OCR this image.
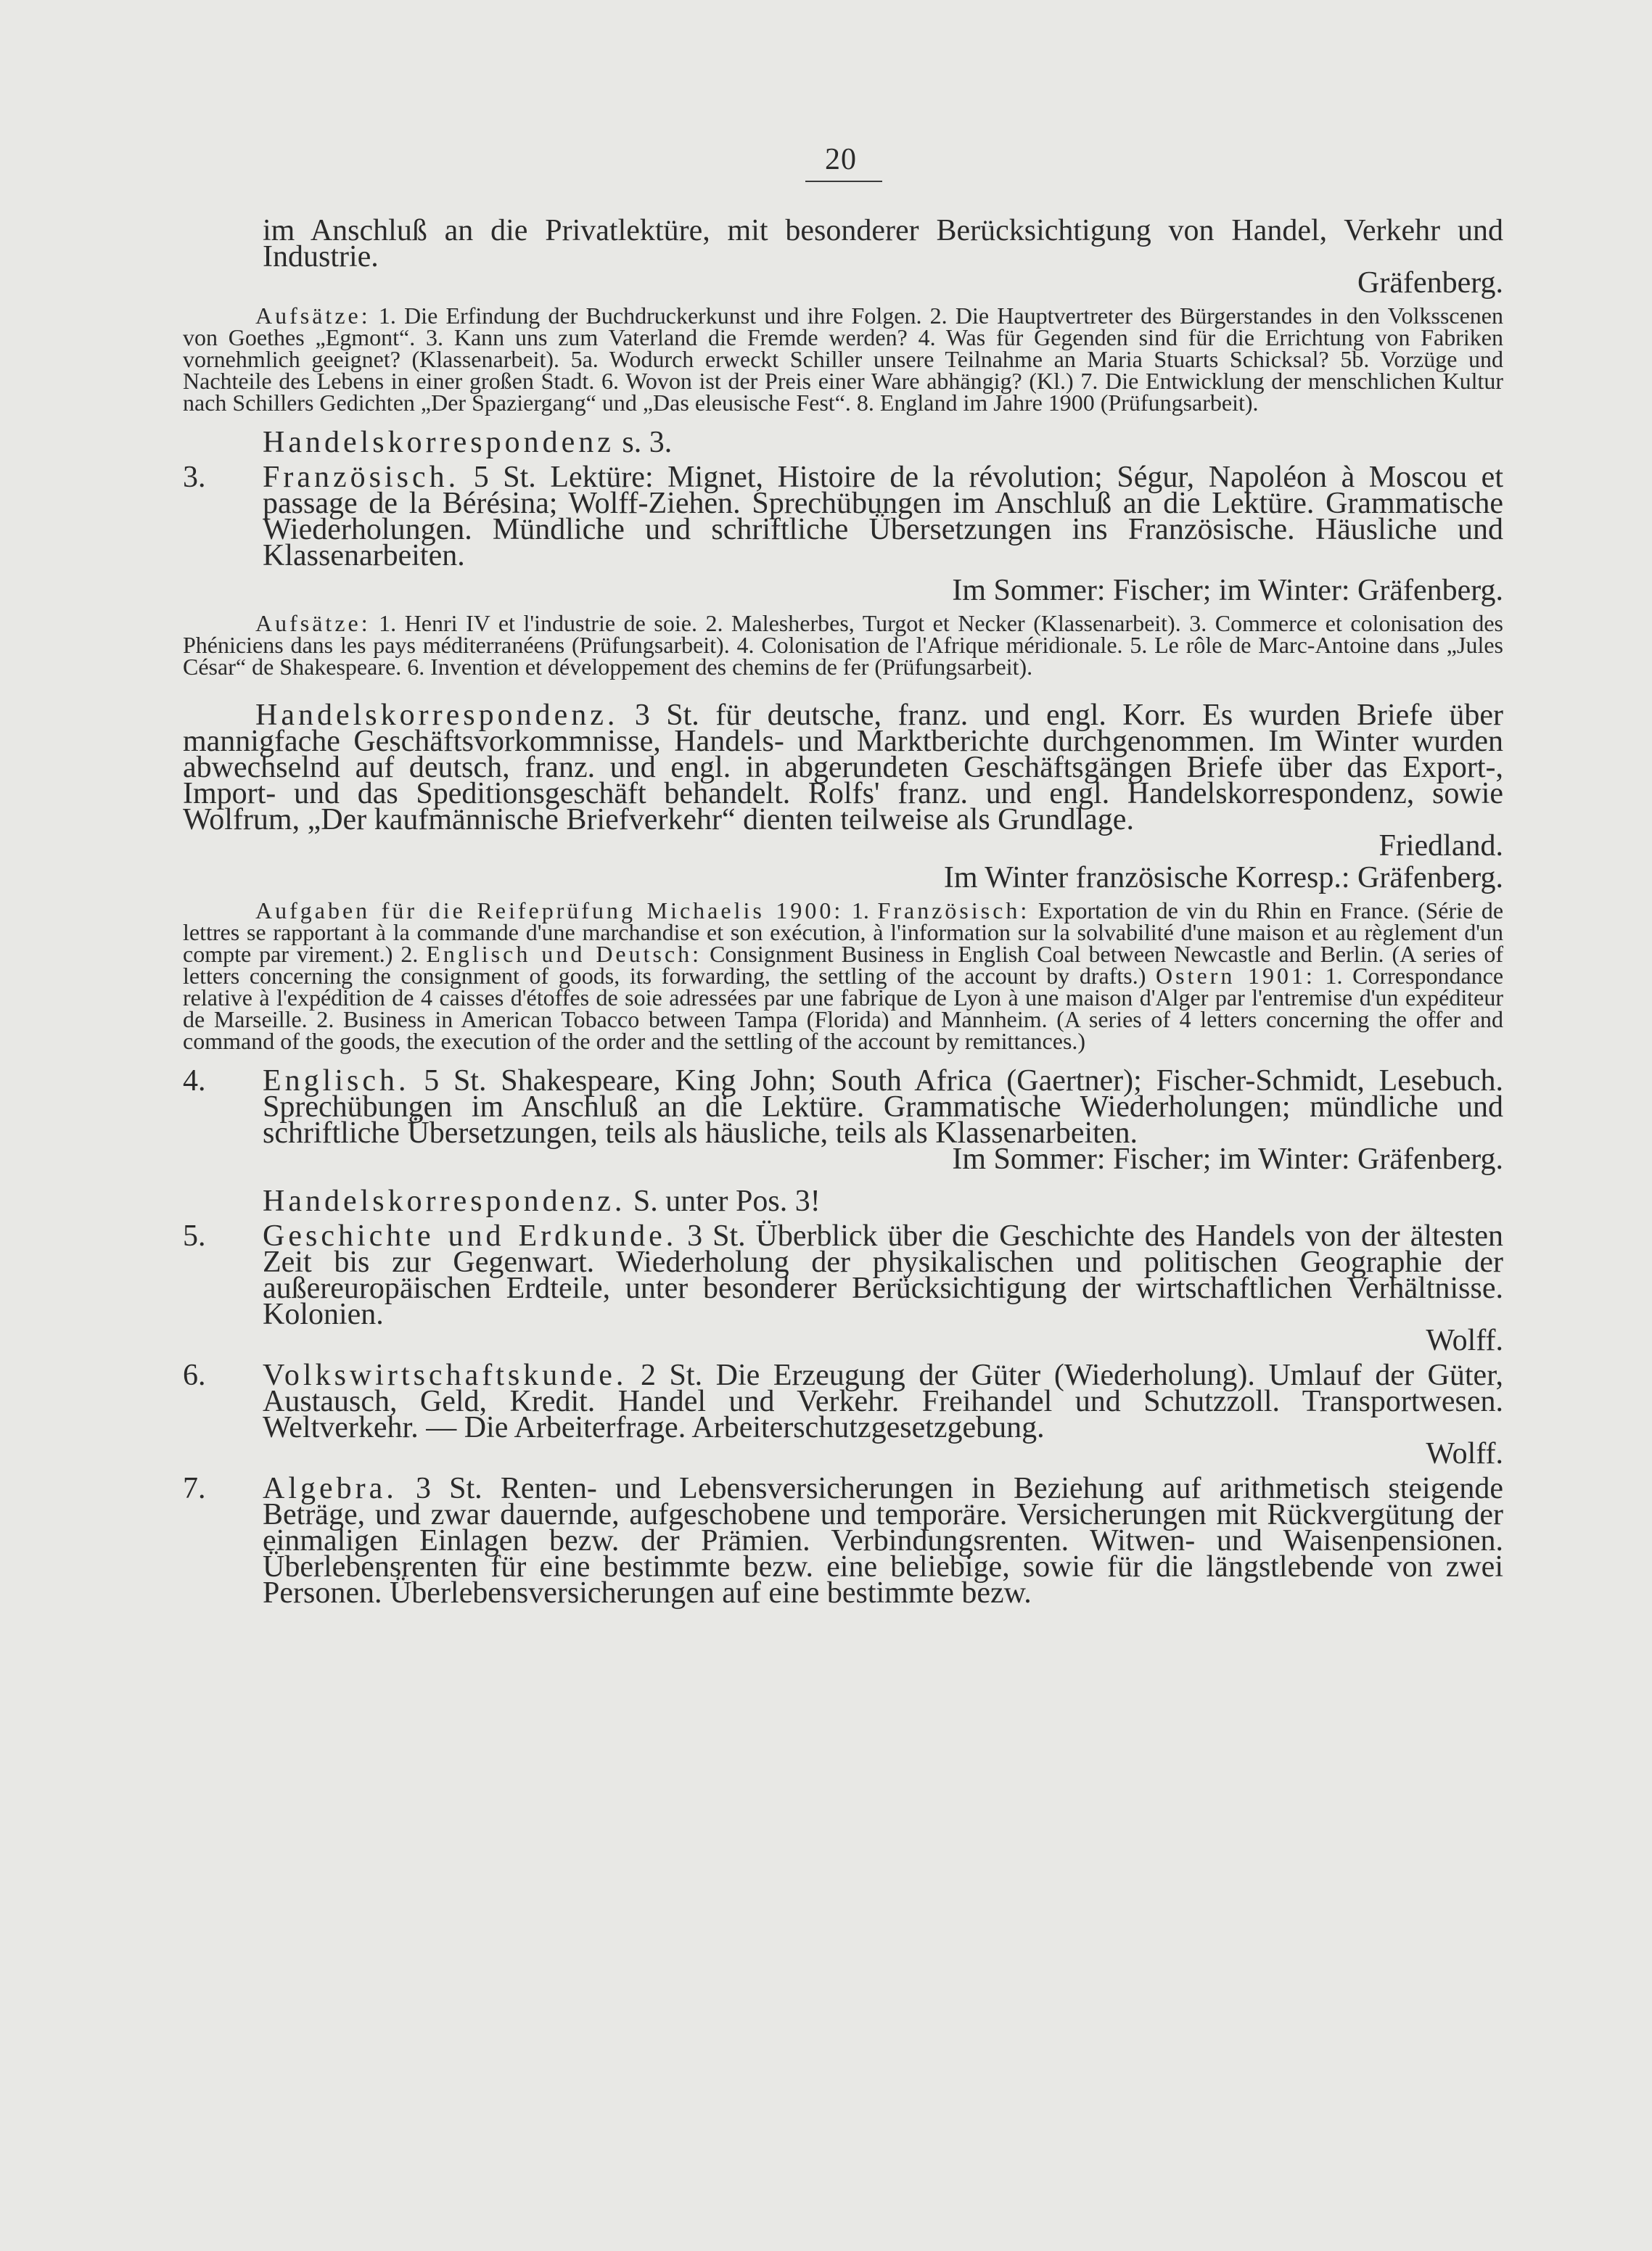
20

im Anschluß an die Privatlektüre, mit besonderer Berücksichtigung von Handel, Verkehr und Industrie.
Gräfenberg.

Aufsätze: 1. Die Erfindung der Buchdruckerkunst und ihre Folgen. 2. Die Hauptvertreter des Bürgerstandes in den Volksscenen von Goethes „Egmont“. 3. Kann uns zum Vaterland die Fremde werden? 4. Was für Gegenden sind für die Errichtung von Fabriken vornehmlich geeignet? (Klassenarbeit). 5a. Wodurch erweckt Schiller unsere Teilnahme an Maria Stuarts Schicksal? 5b. Vorzüge und Nachteile des Lebens in einer großen Stadt. 6. Wovon ist der Preis einer Ware abhängig? (Kl.) 7. Die Entwicklung der menschlichen Kultur nach Schillers Gedichten „Der Spaziergang“ und „Das eleusische Fest“. 8. England im Jahre 1900 (Prüfungsarbeit).

Handelskorrespondenz s. 3.

3. Französisch. 5 St. Lektüre: Mignet, Histoire de la révolution; Ségur, Napoléon à Moscou et passage de la Bérésina; Wolff-Ziehen. Sprechübungen im Anschluß an die Lektüre. Grammatische Wiederholungen. Mündliche und schriftliche Übersetzungen ins Französische. Häusliche und Klassenarbeiten.
Im Sommer: Fischer; im Winter: Gräfenberg.

Aufsätze: 1. Henri IV et l'industrie de soie. 2. Malesherbes, Turgot et Necker (Klassenarbeit). 3. Commerce et colonisation des Phéniciens dans les pays méditerranéens (Prüfungsarbeit). 4. Colonisation de l'Afrique méridionale. 5. Le rôle de Marc-Antoine dans „Jules César“ de Shakespeare. 6. Invention et développement des chemins de fer (Prüfungsarbeit).

Handelskorrespondenz. 3 St. für deutsche, franz. und engl. Korr. Es wurden Briefe über mannigfache Geschäftsvorkommnisse, Handels- und Marktberichte durchgenommen. Im Winter wurden abwechselnd auf deutsch, franz. und engl. in abgerundeten Geschäftsgängen Briefe über das Export-, Import- und das Speditionsgeschäft behandelt. Rolfs' franz. und engl. Handelskorrespondenz, sowie Wolfrum, „Der kaufmännische Briefverkehr“ dienten teilweise als Grundlage.
Friedland.
Im Winter französische Korresp.: Gräfenberg.

Aufgaben für die Reifeprüfung Michaelis 1900: 1. Französisch: Exportation de vin du Rhin en France. (Série de lettres se rapportant à la commande d'une marchandise et son exécution, à l'information sur la solvabilité d'une maison et au règlement d'un compte par virement.) 2. Englisch und Deutsch: Consignment Business in English Coal between Newcastle and Berlin. (A series of letters concerning the consignment of goods, its forwarding, the settling of the account by drafts.) Ostern 1901: 1. Correspondance relative à l'expédition de 4 caisses d'étoffes de soie adressées par une fabrique de Lyon à une maison d'Alger par l'entremise d'un expéditeur de Marseille. 2. Business in American Tobacco between Tampa (Florida) and Mannheim. (A series of 4 letters concerning the offer and command of the goods, the execution of the order and the settling of the account by remittances.)

4. Englisch. 5 St. Shakespeare, King John; South Africa (Gaertner); Fischer-Schmidt, Lesebuch. Sprechübungen im Anschluß an die Lektüre. Grammatische Wiederholungen; mündliche und schriftliche Übersetzungen, teils als häusliche, teils als Klassenarbeiten.
Im Sommer: Fischer; im Winter: Gräfenberg.

Handelskorrespondenz. S. unter Pos. 3!

5. Geschichte und Erdkunde. 3 St. Überblick über die Geschichte des Handels von der ältesten Zeit bis zur Gegenwart. Wiederholung der physikalischen und politischen Geographie der außereuropäischen Erdteile, unter besonderer Berücksichtigung der wirtschaftlichen Verhältnisse. Kolonien.
Wolff.
6. Volkswirtschaftskunde. 2 St. Die Erzeugung der Güter (Wiederholung). Umlauf der Güter, Austausch, Geld, Kredit. Handel und Verkehr. Freihandel und Schutzzoll. Transportwesen. Weltverkehr. — Die Arbeiterfrage. Arbeiterschutzgesetzgebung.
Wolff.
7. Algebra. 3 St. Renten- und Lebensversicherungen in Beziehung auf arithmetisch steigende Beträge, und zwar dauernde, aufgeschobene und temporäre. Versicherungen mit Rückvergütung der einmaligen Einlagen bezw. der Prämien. Verbindungsrenten. Witwen- und Waisenpensionen. Überlebensrenten für eine bestimmte bezw. eine beliebige, sowie für die längstlebende von zwei Personen. Überlebensversicherungen auf eine bestimmte bezw.
